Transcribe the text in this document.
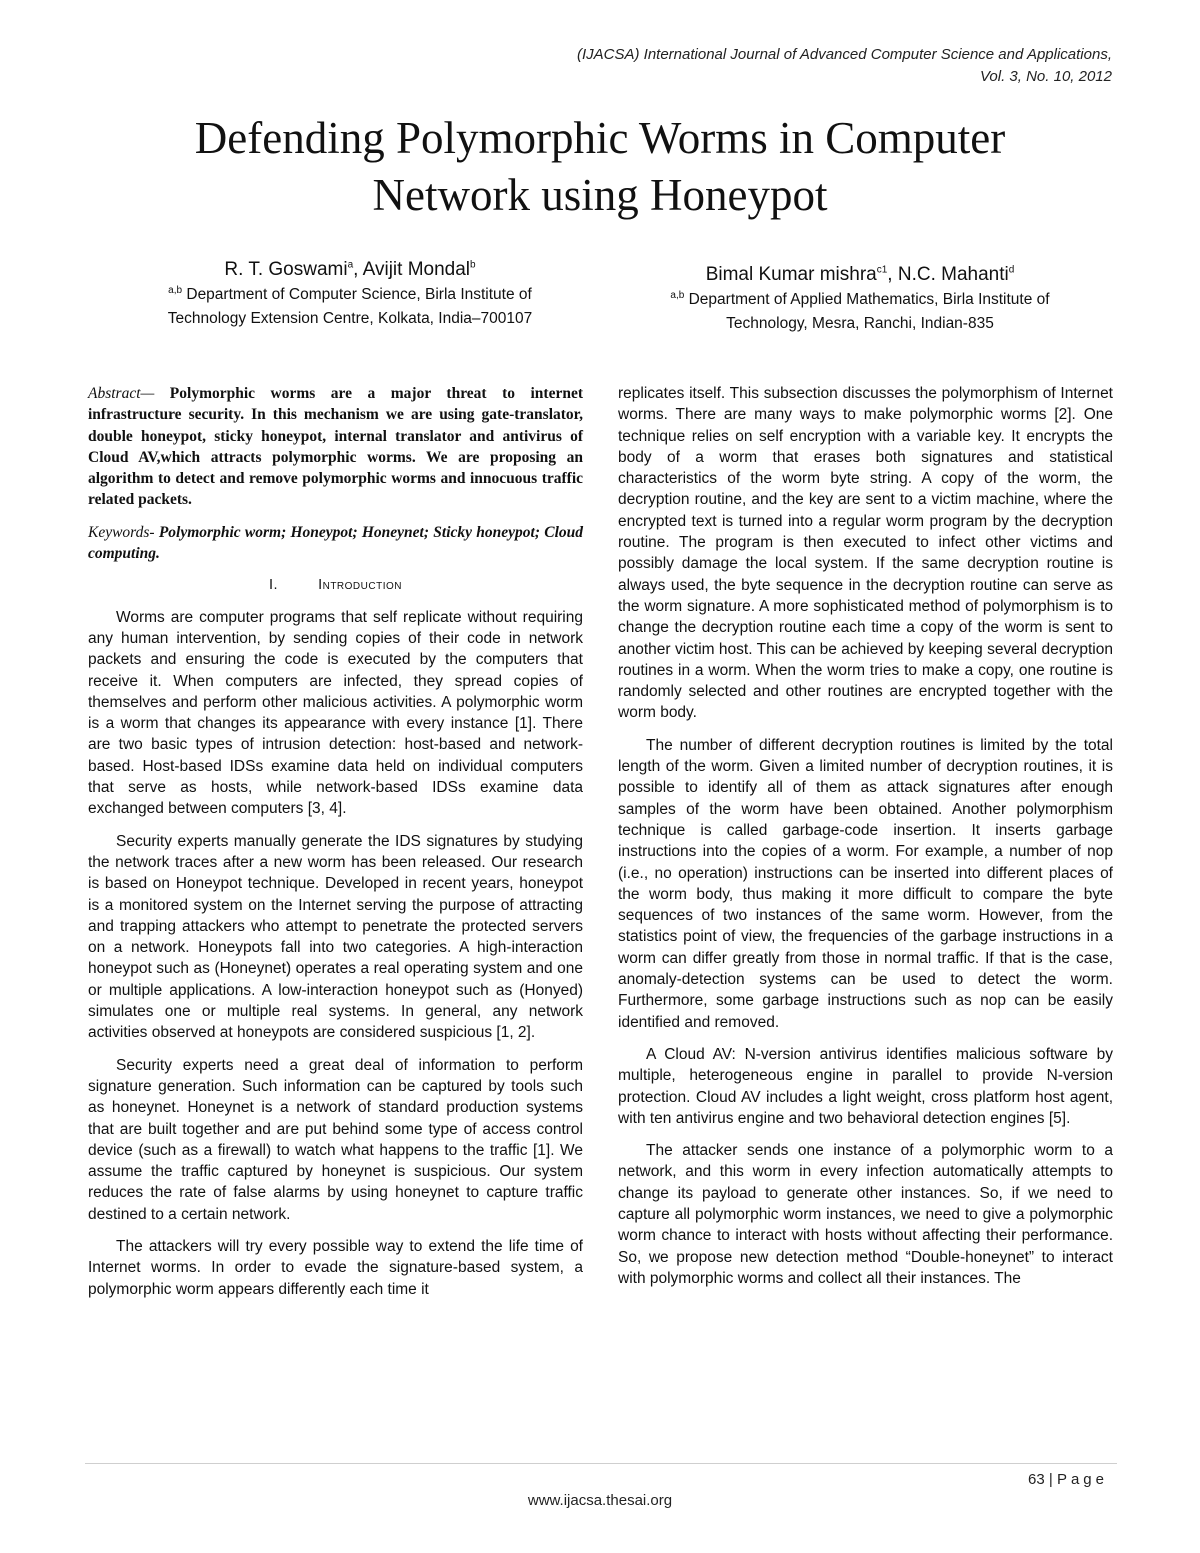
(IJACSA) International Journal of Advanced Computer Science and Applications,
Vol. 3, No. 10, 2012
Defending Polymorphic Worms in Computer
Network using Honeypot
R. T. Goswami$^a$, Avijit Mondal$^b$
$^{a,b}$ Department of Computer Science, Birla Institute of
Technology Extension Centre, Kolkata, India–700107
Bimal Kumar mishra$^{c1}$, N.C. Mahanti$^d$
$^{a,b}$ Department of Applied Mathematics, Birla Institute of
Technology, Mesra, Ranchi, Indian-835

Abstract— Polymorphic worms are a major threat to internet infrastructure security. In this mechanism we are using gate-translator, double honeypot, sticky honeypot, internal translator and antivirus of Cloud AV,which attracts polymorphic worms. We are proposing an algorithm to detect and remove polymorphic worms and innocuous traffic related packets.

Keywords- Polymorphic worm; Honeypot; Honeynet; Sticky honeypot; Cloud computing.

I.	Introduction

Worms are computer programs that self replicate without requiring any human intervention, by sending copies of their code in network packets and ensuring the code is executed by the computers that receive it. When computers are infected, they spread copies of themselves and perform other malicious activities. A polymorphic worm is a worm that changes its appearance with every instance [1]. There are two basic types of intrusion detection: host-based and network-based. Host-based IDSs examine data held on individual computers that serve as hosts, while network-based IDSs examine data exchanged between computers [3, 4].

Security experts manually generate the IDS signatures by studying the network traces after a new worm has been released. Our research is based on Honeypot technique. Developed in recent years, honeypot is a monitored system on the Internet serving the purpose of attracting and trapping attackers who attempt to penetrate the protected servers on a network. Honeypots fall into two categories. A high-interaction honeypot such as (Honeynet) operates a real operating system and one or multiple applications. A low-interaction honeypot such as (Honyed) simulates one or multiple real systems. In general, any network activities observed at honeypots are considered suspicious [1, 2].

Security experts need a great deal of information to perform signature generation. Such information can be captured by tools such as honeynet. Honeynet is a network of standard production systems that are built together and are put behind some type of access control device (such as a firewall) to watch what happens to the traffic [1]. We assume the traffic captured by honeynet is suspicious. Our system reduces the rate of false alarms by using honeynet to capture traffic destined to a certain network.

The attackers will try every possible way to extend the life time of Internet worms. In order to evade the signature-based system, a polymorphic worm appears differently each time it

replicates itself. This subsection discusses the polymorphism of Internet worms. There are many ways to make polymorphic worms [2]. One technique relies on self encryption with a variable key. It encrypts the body of a worm that erases both signatures and statistical characteristics of the worm byte string. A copy of the worm, the decryption routine, and the key are sent to a victim machine, where the encrypted text is turned into a regular worm program by the decryption routine. The program is then executed to infect other victims and possibly damage the local system. If the same decryption routine is always used, the byte sequence in the decryption routine can serve as the worm signature. A more sophisticated method of polymorphism is to change the decryption routine each time a copy of the worm is sent to another victim host. This can be achieved by keeping several decryption routines in a worm. When the worm tries to make a copy, one routine is randomly selected and other routines are encrypted together with the worm body.

The number of different decryption routines is limited by the total length of the worm. Given a limited number of decryption routines, it is possible to identify all of them as attack signatures after enough samples of the worm have been obtained. Another polymorphism technique is called garbage-code insertion. It inserts garbage instructions into the copies of a worm. For example, a number of nop (i.e., no operation) instructions can be inserted into different places of the worm body, thus making it more difficult to compare the byte sequences of two instances of the same worm. However, from the statistics point of view, the frequencies of the garbage instructions in a worm can differ greatly from those in normal traffic. If that is the case, anomaly-detection systems can be used to detect the worm. Furthermore, some garbage instructions such as nop can be easily identified and removed.

A Cloud AV: N-version antivirus identifies malicious software by multiple, heterogeneous engine in parallel to provide N-version protection. Cloud AV includes a light weight, cross platform host agent, with ten antivirus engine and two behavioral detection engines [5].

The attacker sends one instance of a polymorphic worm to a network, and this worm in every infection automatically attempts to change its payload to generate other instances. So, if we need to capture all polymorphic worm instances, we need to give a polymorphic worm chance to interact with hosts without affecting their performance. So, we propose new detection method “Double-honeynet” to interact with polymorphic worms and collect all their instances. The

63 | Page
www.ijacsa.thesai.org
